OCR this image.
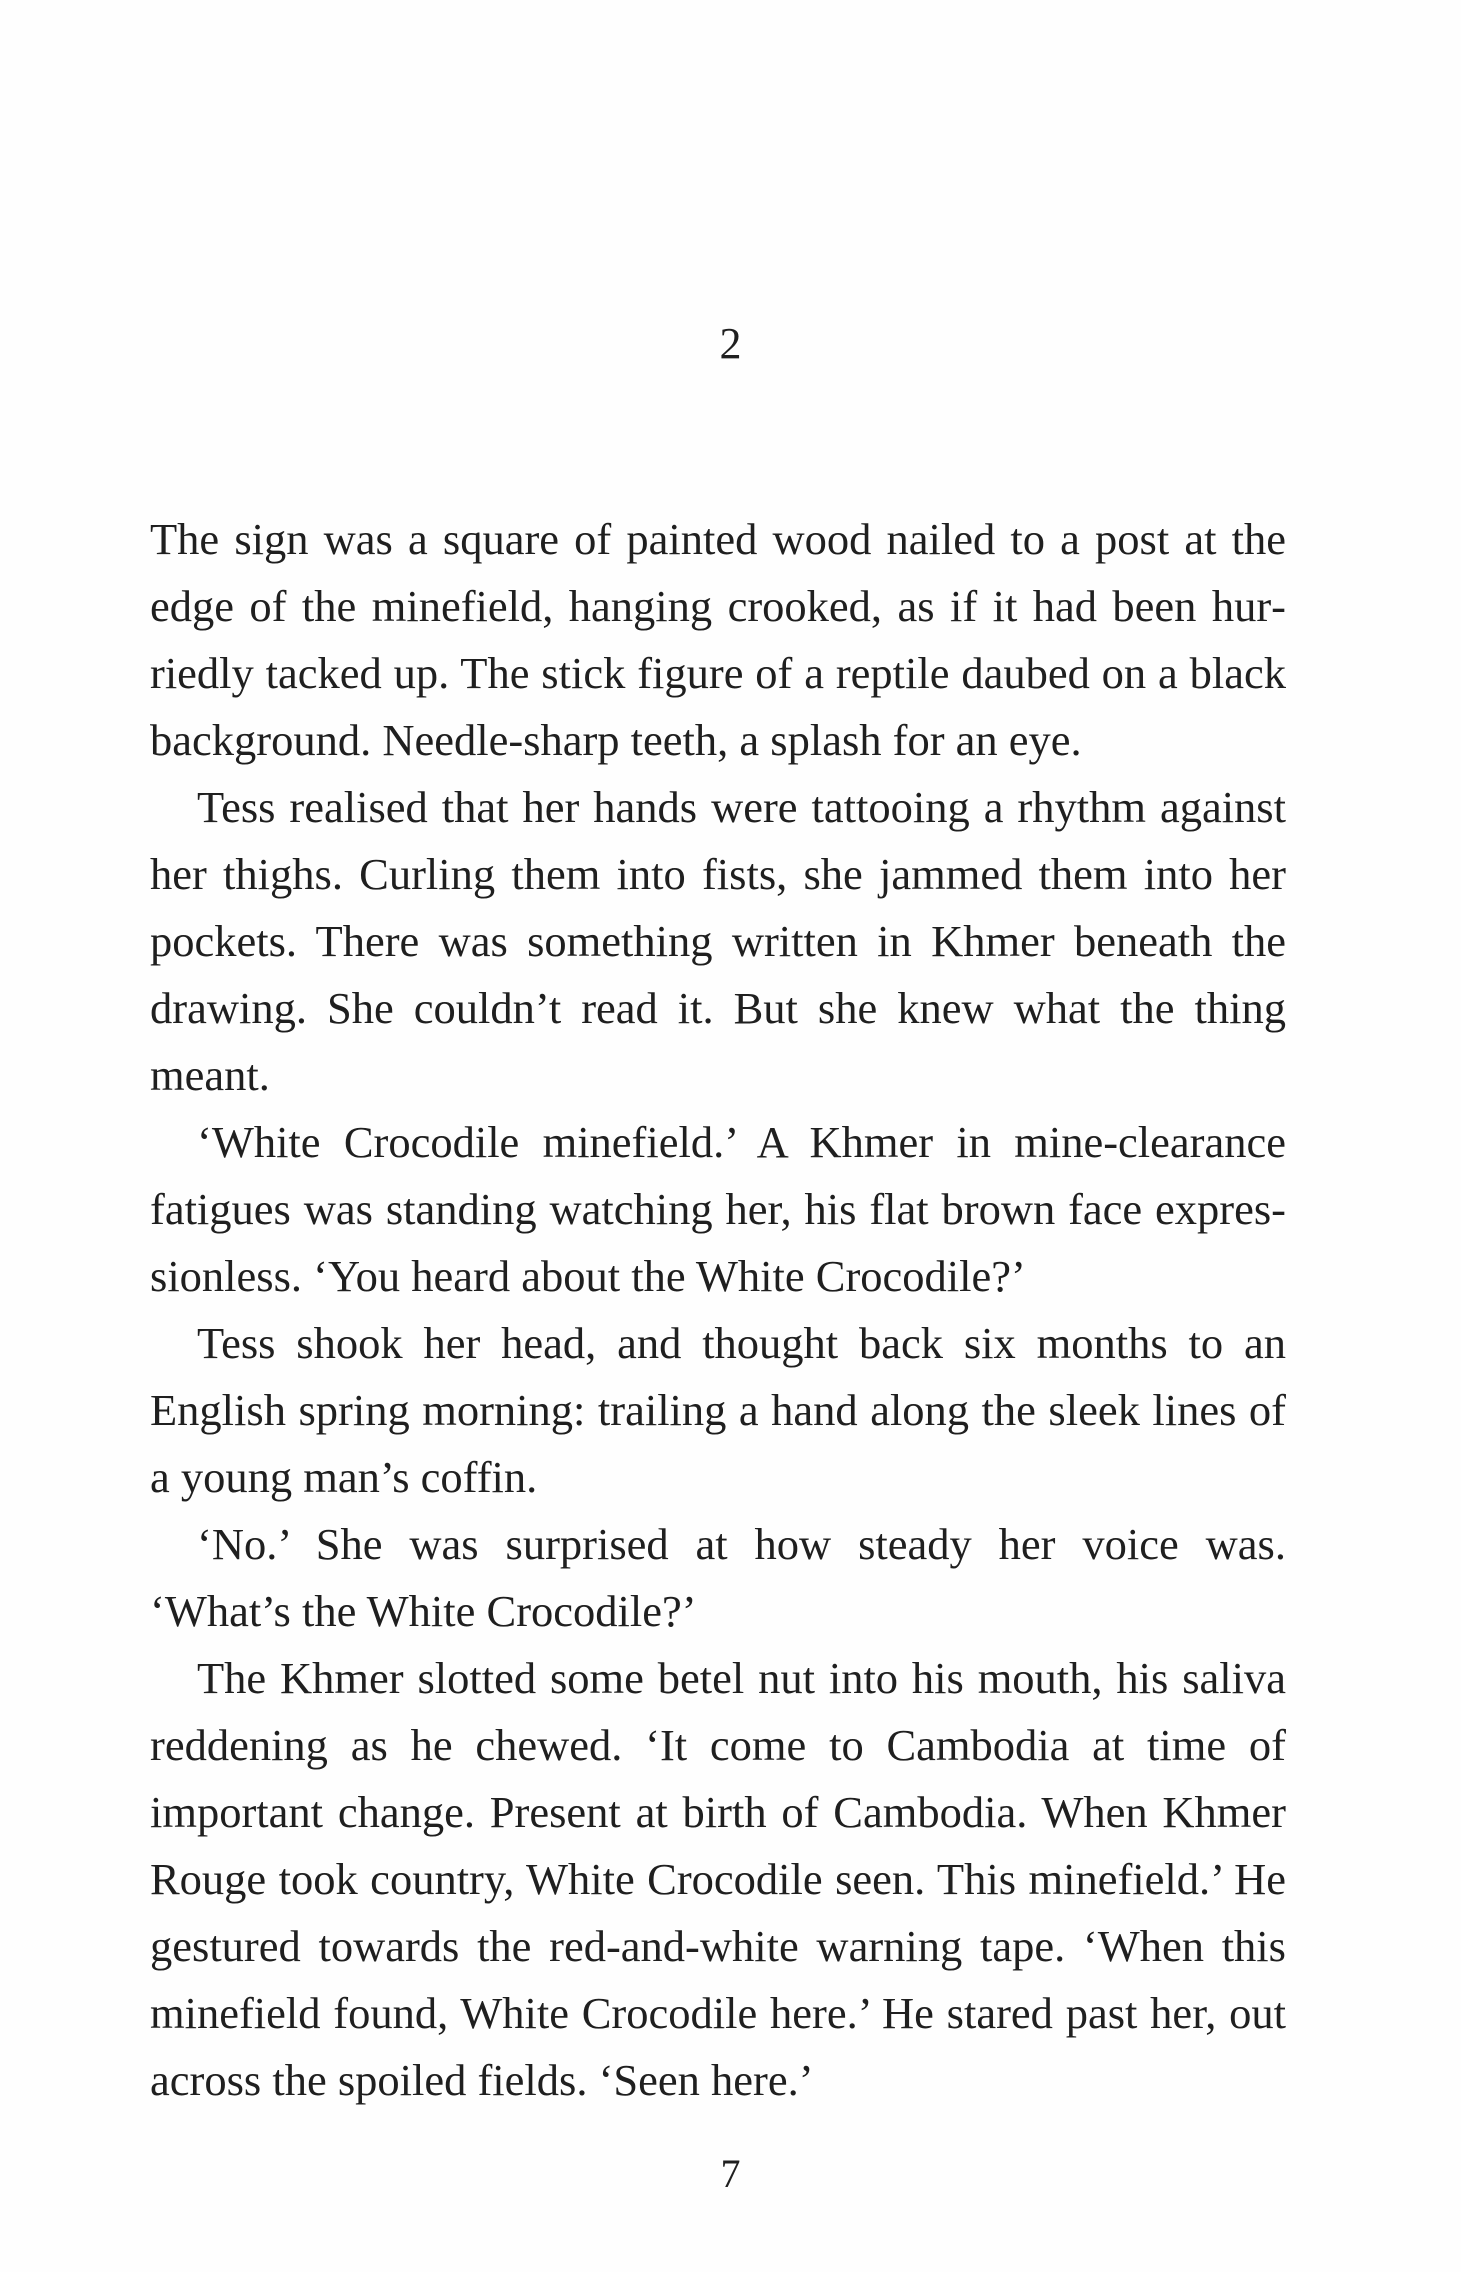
2

The sign was a square of painted wood nailed to a post at the edge of the minefield, hanging crooked, as if it had been hurriedly tacked up. The stick figure of a reptile daubed on a black background. Needle-sharp teeth, a splash for an eye.

Tess realised that her hands were tattooing a rhythm against her thighs. Curling them into fists, she jammed them into her pockets. There was something written in Khmer beneath the drawing. She couldn’t read it. But she knew what the thing meant.

‘White Crocodile minefield.’ A Khmer in mine-clearance fatigues was standing watching her, his flat brown face expressionless. ‘You heard about the White Crocodile?’

Tess shook her head, and thought back six months to an English spring morning: trailing a hand along the sleek lines of a young man’s coffin.

‘No.’ She was surprised at how steady her voice was. ‘What’s the White Crocodile?’

The Khmer slotted some betel nut into his mouth, his saliva reddening as he chewed. ‘It come to Cambodia at time of important change. Present at birth of Cambodia. When Khmer Rouge took country, White Crocodile seen. This minefield.’ He gestured towards the red-and-white warning tape. ‘When this minefield found, White Crocodile here.’ He stared past her, out across the spoiled fields. ‘Seen here.’

7
